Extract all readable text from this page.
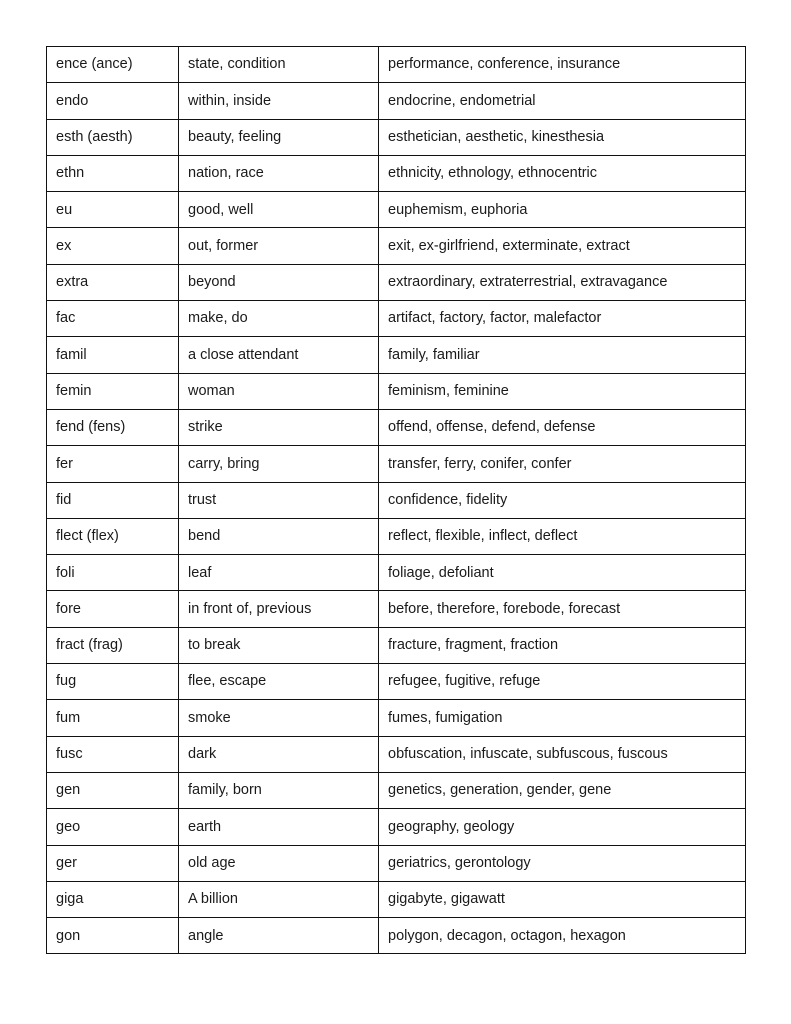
ence (ance)	state, condition	performance, conference, insurance
endo	within, inside	endocrine, endometrial
esth (aesth)	beauty, feeling	esthetician, aesthetic, kinesthesia
ethn	nation, race	ethnicity, ethnology, ethnocentric
eu	good, well	euphemism, euphoria
ex	out, former	exit, ex-girlfriend, exterminate, extract
extra	beyond	extraordinary, extraterrestrial, extravagance
fac	make, do	artifact, factory, factor, malefactor
famil	a close attendant	family, familiar
femin	woman	feminism, feminine
fend (fens)	strike	offend, offense, defend, defense
fer	carry, bring	transfer, ferry, conifer, confer
fid	trust	confidence, fidelity
flect (flex)	bend	reflect, flexible, inflect, deflect
foli	leaf	foliage, defoliant
fore	in front of, previous	before, therefore, forebode, forecast
fract (frag)	to break	fracture, fragment, fraction
fug	flee, escape	refugee, fugitive, refuge
fum	smoke	fumes, fumigation
fusc	dark	obfuscation, infuscate, subfuscous, fuscous
gen	family, born	genetics, generation, gender, gene
geo	earth	geography, geology
ger	old age	geriatrics, gerontology
giga	A billion	gigabyte, gigawatt
gon	angle	polygon, decagon, octagon, hexagon
